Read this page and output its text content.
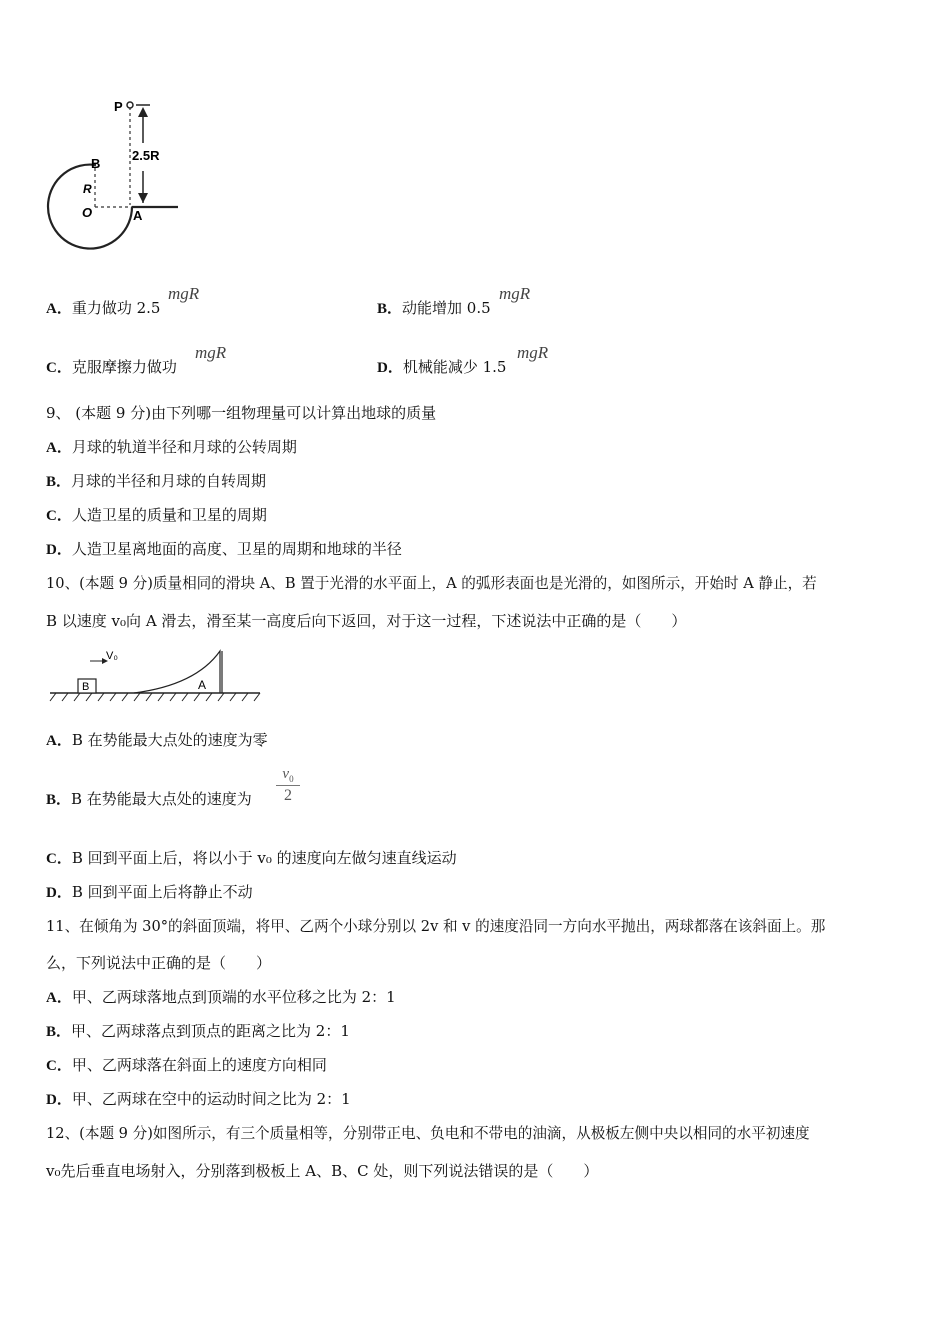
P
2.5R
B
R
O	A
A．重力做功 2.5
mgR
B．动能增加 0.5
mgR
C．克服摩擦力做功
mgR
D．机械能减少 1.5
mgR
9、 (本题 9 分)由下列哪一组物理量可以计算出地球的质量
A．月球的轨道半径和月球的公转周期
B．月球的半径和月球的自转周期
C．人造卫星的质量和卫星的周期
D．人造卫星离地面的高度、卫星的周期和地球的半径
10、(本题 9 分)质量相同的滑块 A、B 置于光滑的水平面上，A 的弧形表面也是光滑的，如图所示，开始时 A 静止，若
B 以速度 v₀向 A 滑去，滑至某一高度后向下返回，对于这一过程，下述说法中正确的是（　　）
B
V₀
A
A．B 在势能最大点处的速度为零
B．B 在势能最大点处的速度为
$v_0$
2
C．B 回到平面上后，将以小于 v₀ 的速度向左做匀速直线运动
D．B 回到平面上后将静止不动
11、在倾角为 30°的斜面顶端，将甲、乙两个小球分别以 2v 和 v 的速度沿同一方向水平抛出，两球都落在该斜面上。那
么，下列说法中正确的是（　　）
A．甲、乙两球落地点到顶端的水平位移之比为 2：1
B．甲、乙两球落点到顶点的距离之比为 2：1
C．甲、乙两球落在斜面上的速度方向相同
D．甲、乙两球在空中的运动时间之比为 2：1
12、(本题 9 分)如图所示，有三个质量相等，分别带正电、负电和不带电的油滴，从极板左侧中央以相同的水平初速度
v₀先后垂直电场射入，分别落到极板上 A、B、C 处，则下列说法错误的是（　　）
